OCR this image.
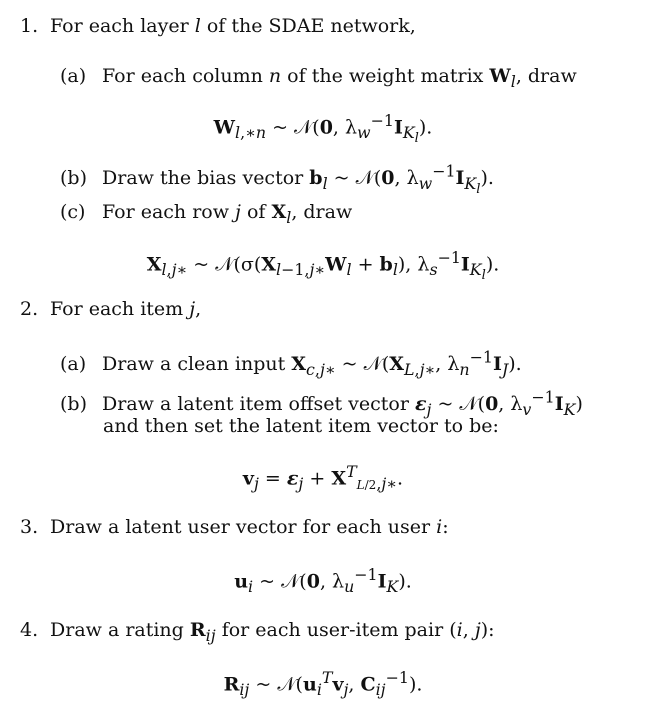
1. For each layer l of the SDAE network,
(a) For each column n of the weight matrix $W_l$, draw
$W_{l,∗n}$ ~ 𝒩(0, $\lambda_w^{-1}I_{K_l}$).
(b) Draw the bias vector $b_l$ ~ 𝒩(0, $\lambda_w^{-1}I_{K_l}$).
(c) For each row j of $X_l$, draw
$X_{l,j∗}$ ~ $𝒩(\sigma(X_{l-1,j∗}W_l + b_l)$, $\lambda_s^{-1}I_{K_l}$).
2. For each item j,
(a) Draw a clean input $X_{c,j∗}$ ~ $𝒩(X_{L,j∗}$, $\lambda_n^{-1}I_J$).
(b) Draw a latent item offset vector $\varepsilon_j$ ~ 𝒩(0, $\lambda_v^{-1}I_K$)
and then set the latent item vector to be:
$v_j = \varepsilon_j + X^T_{L/2,j∗}$.
3. Draw a latent user vector for each user i:
$u_i$ ~ 𝒩(0, $\lambda_u^{-1}I_K$).
4. Draw a rating $R_{ij}$ for each user-item pair (i, j):
$R_{ij}$ ~ $𝒩(u_i^Tv_j$, $C_{ij}^{-1}$).
